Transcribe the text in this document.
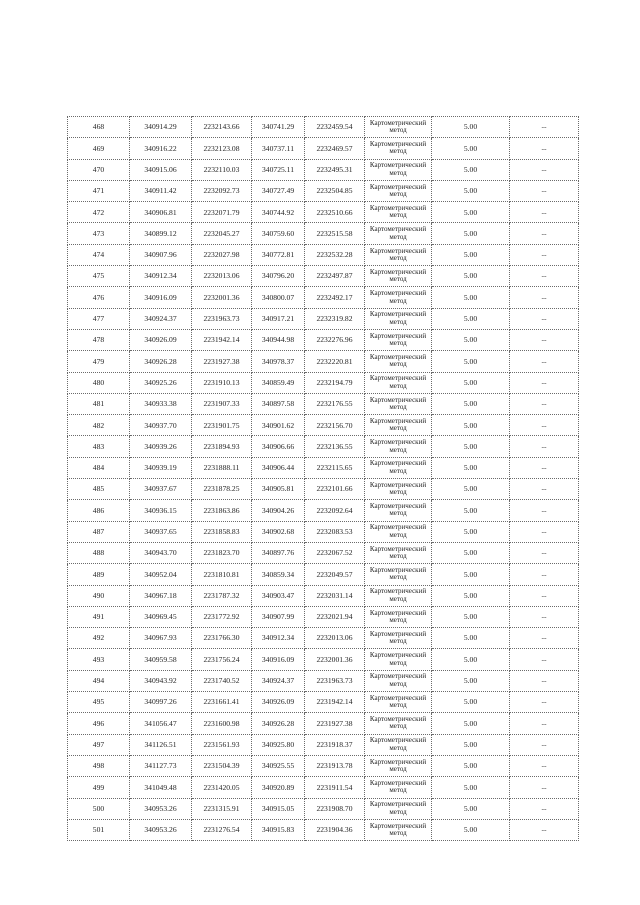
468	340914.29	2232143.66	340741.29	2232459.54	Картометрический метод	5.00	--
469	340916.22	2232123.08	340737.11	2232469.57	Картометрический метод	5.00	--
470	340915.06	2232110.03	340725.11	2232495.31	Картометрический метод	5.00	--
471	340911.42	2232092.73	340727.49	2232504.85	Картометрический метод	5.00	--
472	340906.81	2232071.79	340744.92	2232510.66	Картометрический метод	5.00	--
473	340899.12	2232045.27	340759.60	2232515.58	Картометрический метод	5.00	--
474	340907.96	2232027.98	340772.81	2232532.28	Картометрический метод	5.00	--
475	340912.34	2232013.06	340796.20	2232497.87	Картометрический метод	5.00	--
476	340916.09	2232001.36	340800.07	2232492.17	Картометрический метод	5.00	--
477	340924.37	2231963.73	340917.21	2232319.82	Картометрический метод	5.00	--
478	340926.09	2231942.14	340944.98	2232276.96	Картометрический метод	5.00	--
479	340926.28	2231927.38	340978.37	2232220.81	Картометрический метод	5.00	--
480	340925.26	2231910.13	340859.49	2232194.79	Картометрический метод	5.00	--
481	340933.38	2231907.33	340897.58	2232176.55	Картометрический метод	5.00	--
482	340937.70	2231901.75	340901.62	2232156.70	Картометрический метод	5.00	--
483	340939.26	2231894.93	340906.66	2232136.55	Картометрический метод	5.00	--
484	340939.19	2231888.11	340906.44	2232115.65	Картометрический метод	5.00	--
485	340937.67	2231878.25	340905.81	2232101.66	Картометрический метод	5.00	--
486	340936.15	2231863.86	340904.26	2232092.64	Картометрический метод	5.00	--
487	340937.65	2231858.83	340902.68	2232083.53	Картометрический метод	5.00	--
488	340943.70	2231823.70	340897.76	2232067.52	Картометрический метод	5.00	--
489	340952.04	2231810.81	340859.34	2232049.57	Картометрический метод	5.00	--
490	340967.18	2231787.32	340903.47	2232031.14	Картометрический метод	5.00	--
491	340969.45	2231772.92	340907.99	2232021.94	Картометрический метод	5.00	--
492	340967.93	2231766.30	340912.34	2232013.06	Картометрический метод	5.00	--
493	340959.58	2231756.24	340916.09	2232001.36	Картометрический метод	5.00	--
494	340943.92	2231740.52	340924.37	2231963.73	Картометрический метод	5.00	--
495	340997.26	2231661.41	340926.09	2231942.14	Картометрический метод	5.00	--
496	341056.47	2231600.98	340926.28	2231927.38	Картометрический метод	5.00	--
497	341126.51	2231561.93	340925.80	2231918.37	Картометрический метод	5.00	--
498	341127.73	2231504.39	340925.55	2231913.78	Картометрический метод	5.00	--
499	341049.48	2231420.05	340920.89	2231911.54	Картометрический метод	5.00	--
500	340953.26	2231315.91	340915.05	2231908.70	Картометрический метод	5.00	--
501	340953.26	2231276.54	340915.83	2231904.36	Картометрический метод	5.00	--
